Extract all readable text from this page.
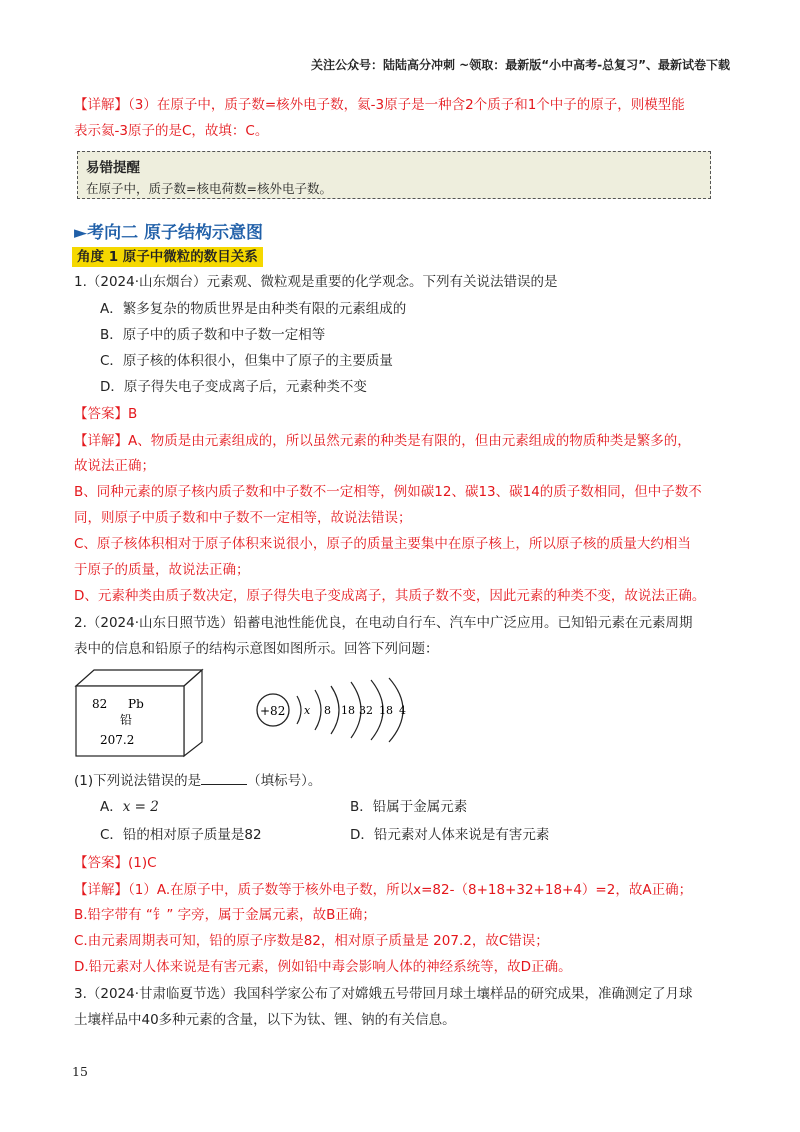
关注公众号：陆陆高分冲刺 ~领取：最新版“小中高考-总复习”、最新试卷下载
【详解】（3）在原子中，质子数=核外电子数，氦-3原子是一种含2个质子和1个中子的原子，则模型能
表示氦-3原子的是C，故填：C。
易错提醒
在原子中，质子数=核电荷数=核外电子数。
►考向二 原子结构示意图
角度 1 原子中微粒的数目关系
1.（2024·山东烟台）元素观、微粒观是重要的化学观念。下列有关说法错误的是
A．繁多复杂的物质世界是由种类有限的元素组成的
B．原子中的质子数和中子数一定相等
C．原子核的体积很小，但集中了原子的主要质量
D．原子得失电子变成离子后，元素种类不变
【答案】B
【详解】A、物质是由元素组成的，所以虽然元素的种类是有限的，但由元素组成的物质种类是繁多的，
故说法正确；
B、同种元素的原子核内质子数和中子数不一定相等，例如碳12、碳13、碳14的质子数相同，但中子数不
同，则原子中质子数和中子数不一定相等，故说法错误；
C、原子核体积相对于原子体积来说很小，原子的质量主要集中在原子核上，所以原子核的质量大约相当
于原子的质量，故说法正确；
D、元素种类由质子数决定，原子得失电子变成离子，其质子数不变，因此元素的种类不变，故说法正确。
2.（2024·山东日照节选）铅蓄电池性能优良，在电动自行车、汽车中广泛应用。已知铅元素在元素周期
表中的信息和铅原子的结构示意图如图所示。回答下列问题：
82 Pb
铅
207.2
+82 x 8 18 32 18 4
(1)下列说法错误的是	（填标号）。
A．x = 2	B．铅属于金属元素
C．铅的相对原子质量是82	D．铅元素对人体来说是有害元素
【答案】(1)C
【详解】（1）A.在原子中，质子数等于核外电子数，所以x=82-（8+18+32+18+4）=2，故A正确；
B.铅字带有 “钅” 字旁，属于金属元素，故B正确；
C.由元素周期表可知，铅的原子序数是82，相对原子质量是 207.2，故C错误；
D.铅元素对人体来说是有害元素，例如铅中毒会影响人体的神经系统等，故D正确。
3.（2024·甘肃临夏节选）我国科学家公布了对嫦娥五号带回月球土壤样品的研究成果，准确测定了月球
土壤样品中40多种元素的含量，以下为钛、锂、钠的有关信息。
15
